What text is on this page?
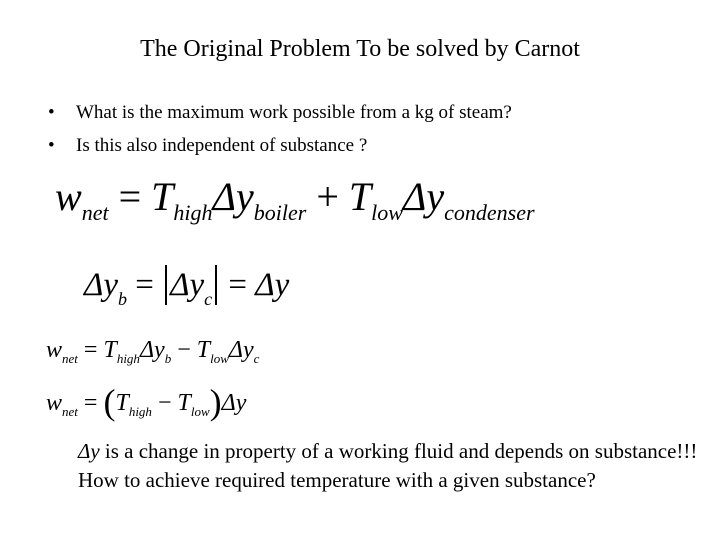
The Original Problem To be solved by Carnot
• What is the maximum work possible from a kg of steam?
• Is this also independent of substance ?
$w_{net} = T_{high}\Delta y_{boiler} + T_{low}\Delta y_{condenser}$
$\Delta y_b = \Delta y_c = \Delta y$
$w_{net} = T_{high}\Delta y_b - T_{low}\Delta y_c$
$w_{net} = (T_{high} - T_{low})\Delta y$
Δy is a change in property of a working fluid and depends on substance!!!
How to achieve required temperature with a given substance?
